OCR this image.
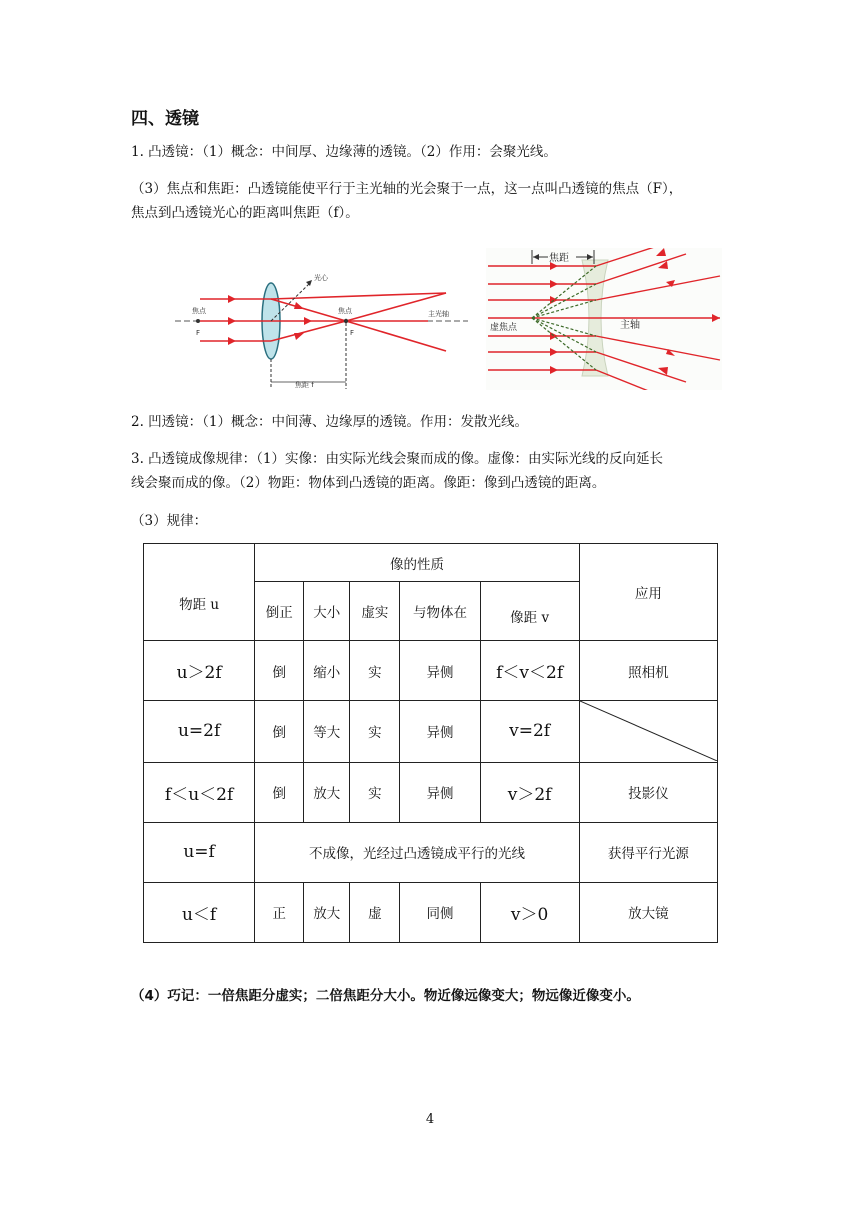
四、透镜
1. 凸透镜：（1）概念：中间厚、边缘薄的透镜。（2）作用：会聚光线。
（3）焦点和焦距：凸透镜能使平行于主光轴的光会聚于一点，这一点叫凸透镜的焦点（F），
焦点到凸透镜光心的距离叫焦距（f）。
光心
焦点
F
焦点
F
主光轴
焦距 f
焦距
虚焦点	主轴
2. 凹透镜：（1）概念：中间薄、边缘厚的透镜。作用：发散光线。
3. 凸透镜成像规律：（1）实像：由实际光线会聚而成的像。虚像：由实际光线的反向延长
线会聚而成的像。（2）物距：物体到凸透镜的距离。像距：像到凸透镜的距离。
（3）规律：
物距 u	像的性质					应用
	倒正	大小	虚实	与物体在	像距 v	
u＞2f	倒	缩小	实	异侧	f＜v＜2f	照相机
u=2f	倒	等大	实	异侧	v=2f	

f＜u＜2f	倒	放大	实	异侧	v＞2f	投影仪
u=f	不成像，光经过凸透镜成平行的光线					获得平行光源
u＜f	正	放大	虚	同侧	v＞0	放大镜
（4）巧记：一倍焦距分虚实；二倍焦距分大小。物近像远像变大；物远像近像变小。
4
